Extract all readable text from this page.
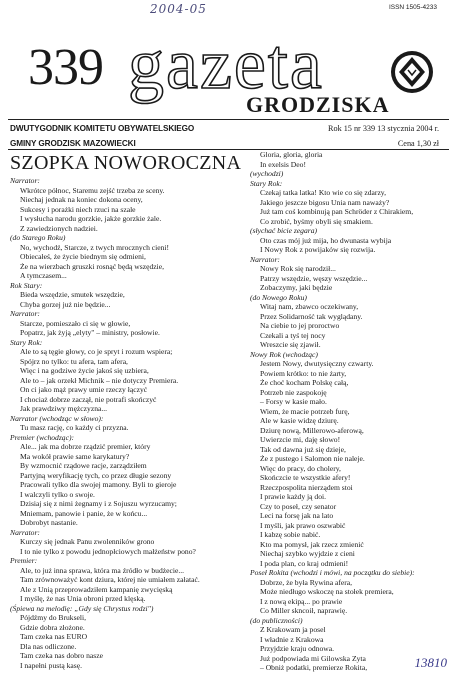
2004-05	ISSN 1505-4233
339 gazeta
GRODZISKA
DWUTYGODNIK KOMITETU OBYWATELSKIEGO
GMINY GRODZISK MAZOWIECKI
Rok 15 nr 339 13 stycznia 2004 r.
Cena 1,30 zł
SZOPKA NOWOROCZNA
Narrator:
Wkrótce północ, Staremu zejść trzeba ze sceny.
Niechaj jednak na koniec dokona oceny,
Sukcesy i porażki niech rzuci na szale
I wysłucha narodu gorzkie, jakże gorzkie żale.
Z zawiedzionych nadziei.
(do Starego Roku)
No, wychodź, Starcze, z twych mrocznych cieni!
Obiecałeś, że życie biednym się odmieni,
Że na wierzbach gruszki rosnąć będą wszędzie,
A tymczasem...
Rok Stary:
Bieda wszędzie, smutek wszędzie,
Chyba gorzej już nie będzie...
Narrator:
Starcze, pomieszało ci się w głowie,
Popatrz, jak żyją „elyty" – ministry, posłowie.
Stary Rok:
Ale to są tęgie głowy, co je spryt i rozum wspiera;
Spójrz no tylko: tu afera, tam afera,
Więc i na godziwe życie jakoś się uzbiera,
Ale to – jak orzekł Michnik – nie dotyczy Premiera.
On ci jako mąż prawy umie rzeczy łączyć
I chociaż dobrze zaczął, nie potrafi skończyć
Jak prawdziwy mężczyzna...
Narrator (wchodząc w słowo):
Tu masz rację, co każdy ci przyzna.
Premier (wchodząc):
Ale... jak ma dobrze rządzić premier, który
Ma wokół prawie same karykatury?
By wzmocnić rządowe racje, zarządziłem
Partyjną weryfikację tych, co przez długie sezony
Pracowali tylko dla swojej mamony. Byli to gieroje
I walczyli tylko o swoje.
Dzisiaj się z nimi żegnamy i z Sojuszu wyrzucamy;
Mniemam, panowie i panie, że w końcu...
Dobrobyt nastanie.
Narrator:
Kurczy się jednak Panu zwolenników grono
I to nie tylko z powodu jednopłciowych małżeństw pono?
Premier:
Ale, to już inna sprawa, która ma źródło w budżecie...
Tam zrównoważyć kont dziura, której nie umiałem załatać.
Ale z Unią przeprowadziłem kampanię zwycięską
I myślę, że nas Unia obroni przed klęską.
(Śpiewa na melodię: „Gdy się Chrystus rodzi")
Pójdźmy do Brukseli,
Gdzie dobra złożone.
Tam czeka nas EURO
Dla nas odliczone.
Tam czeka nas dobro nasze
I napełni pustą kasę.
Gloria, gloria, gloria
In exelsis Deo!
(wychodzi)
Stary Rok:
Czekaj tatka latka! Kto wie co się zdarzy,
Jakiego jeszcze bigosu Unia nam naważy?
Już tam coś kombinują pan Schröder z Chirakiem,
Co zrobić, byśmy obyli się smakiem.
(słychać bicie zegara)
Oto czas mój już mija, ho dwunasta wybija
I Nowy Rok z powijaków się rozwija.
Narrator:
Nowy Rok się narodził...
Patrzy wszędzie, węszy wszędzie...
Zobaczymy, jaki będzie
(do Nowego Roku)
Witaj nam, zbawco oczekiwany,
Przez Solidarność tak wyglądany.
Na ciebie to jej proroctwo
Czekali a tyś tej nocy
Wreszcie się zjawił.
Nowy Rok (wchodząc)
Jestem Nowy, dwutysięczny czwarty.
Powiem krótko: to nie żarty,
Że choć kocham Polskę całą,
Potrzeb nie zaspokoję
– Forsy w kasie mało.
Wiem, że macie potrzeb furę,
Ale w kasie widzę dziurę.
Dziurę nową, Millerowo-aferową,
Uwierzcie mi, daję słowo!
Tak od dawna już się dzieje,
Że z pustego i Salomon nie naleje.
Więc do pracy, do cholery,
Skończcie te wszystkie afery!
Rzeczpospolita nierządem stoi
I prawie każdy ją doi.
Czy to poseł, czy senator
Leci na forsę jak na lato
I myśli, jak prawo oszwabić
I kabzę sobie nabić.
Kto ma pomysł, jak rzecz zmienić
Niechaj szybko wyjdzie z cieni
I poda plan, co kraj odmieni!
Poseł Rokita (wchodzi i mówi, na początku do siebie):
Dobrze, że była Rywina afera,
Może niedługo wskoczę na stołek premiera,
I z nową ekipą... po prawie
Co Miller skncoił, naprawię.
(do publiczności)
Z Krakowam ja posel
I władnie z Krakowa
Przyjdzie kraju odnowa.
Już podpowiada mi Gilowska Zyta
– Obniż podatki, premierze Rokita,	13810
